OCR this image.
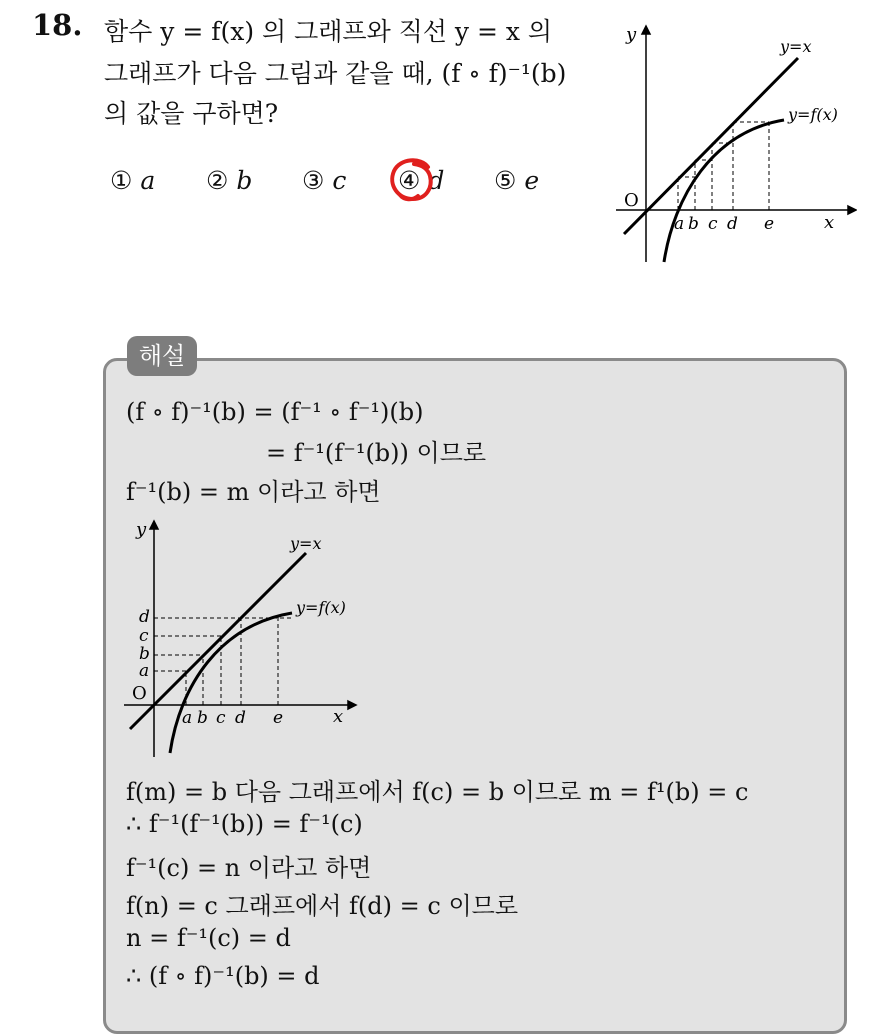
18. 함수 y = f(x) 의 그래프와 직선 y = x 의
그래프가 다음 그림과 같을 때, (f ∘ f)⁻¹(b)
의 값을 구하면?
① a ② b ③ c ④ d ⑤ e
y
x
O
y=x
y=f(x)
a b c d e
해설
(f ∘ f)⁻¹(b) = (f⁻¹ ∘ f⁻¹)(b)
= f⁻¹(f⁻¹(b)) 이므로
f⁻¹(b) = m 이라고 하면
y
x
O
y=x
y=f(x)
a b c d e
d
c
b
a
f(m) = b 다음 그래프에서 f(c) = b 이므로 m = f¹(b) = c
∴ f⁻¹(f⁻¹(b)) = f⁻¹(c)
f⁻¹(c) = n 이라고 하면
f(n) = c 그래프에서 f(d) = c 이므로
n = f⁻¹(c) = d
∴ (f ∘ f)⁻¹(b) = d
